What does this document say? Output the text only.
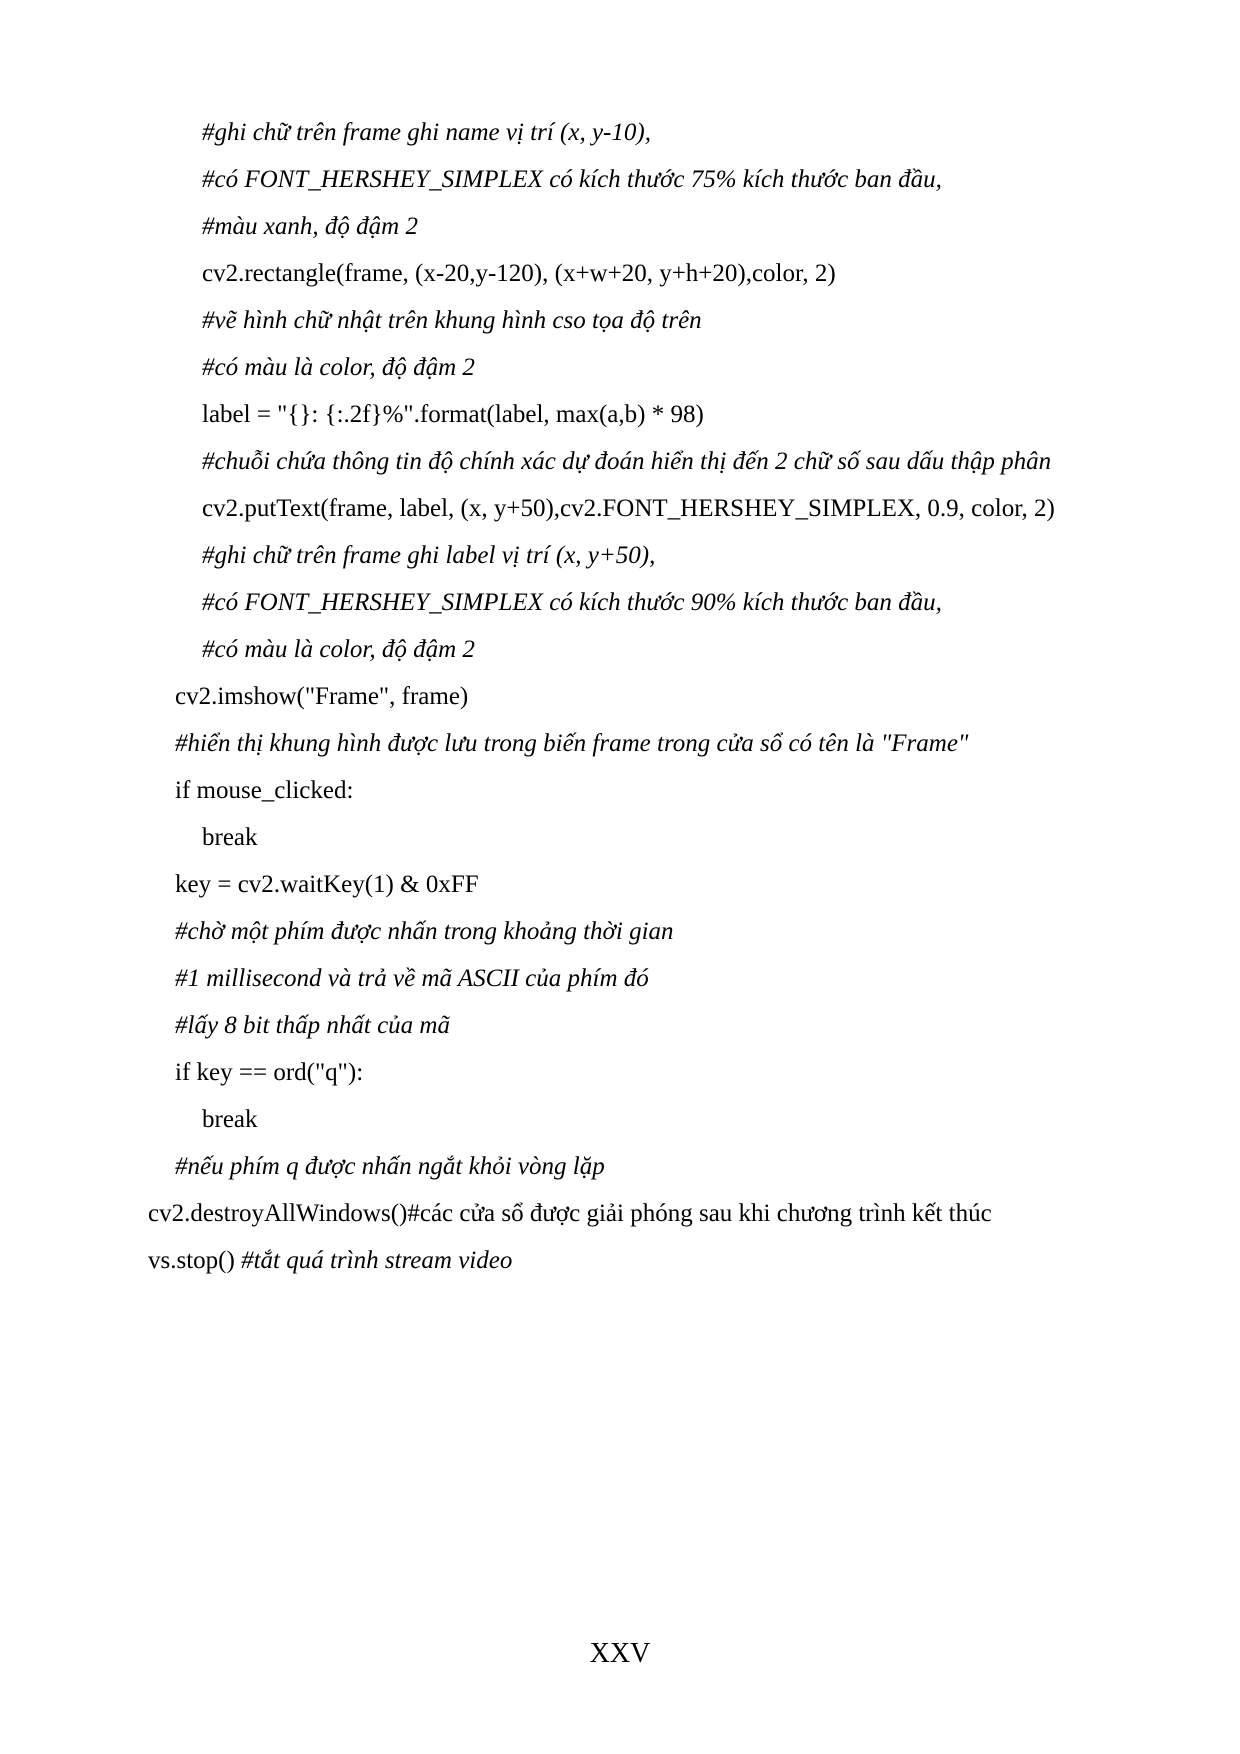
#ghi chữ trên frame ghi name vị trí (x, y-10),
#có FONT_HERSHEY_SIMPLEX có kích thước 75% kích thước ban đầu,
#màu xanh, độ đậm 2
cv2.rectangle(frame, (x-20,y-120), (x+w+20, y+h+20),color, 2)
#vẽ hình chữ nhật trên khung hình cso tọa độ trên
#có màu là color, độ đậm 2
label = "{}: {:.2f}%".format(label, max(a,b) * 98)
#chuỗi chứa thông tin độ chính xác dự đoán hiển thị đến 2 chữ số sau dấu thập phân
cv2.putText(frame, label, (x, y+50),cv2.FONT_HERSHEY_SIMPLEX, 0.9, color, 2)
#ghi chữ trên frame ghi label vị trí (x, y+50),
#có FONT_HERSHEY_SIMPLEX có kích thước 90% kích thước ban đầu,
#có màu là color, độ đậm 2
cv2.imshow("Frame", frame)
#hiển thị khung hình được lưu trong biến frame trong cửa sổ có tên là "Frame"
if mouse_clicked:
break
key = cv2.waitKey(1) & 0xFF
#chờ một phím được nhấn trong khoảng thời gian
#1 millisecond và trả về mã ASCII của phím đó
#lấy 8 bit thấp nhất của mã
if key == ord("q"):
break
#nếu phím q được nhấn ngắt khỏi vòng lặp
cv2.destroyAllWindows()#các cửa sổ được giải phóng sau khi chương trình kết thúc
vs.stop() #tắt quá trình stream video
XXV
